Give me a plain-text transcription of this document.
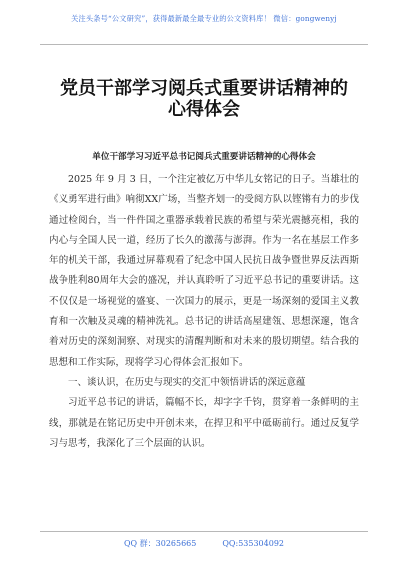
关注头条号“公文研究”，获得最新最全最专业的公文资料库！ 微信：gongwenyj
党员干部学习阅兵式重要讲话精神的
心得体会
单位干部学习习近平总书记阅兵式重要讲话精神的心得体会

2025 年 9 月 3 日，一个注定被亿万中华儿女铭记的日子。当雄壮的《义勇军进行曲》响彻XX广场，当整齐划一的受阅方队以铿锵有力的步伐通过检阅台，当一件件国之重器承载着民族的希望与荣光震撼亮相，我的内心与全国人民一道，经历了长久的激荡与澎湃。作为一名在基层工作多年的机关干部，我通过屏幕观看了纪念中国人民抗日战争暨世界反法西斯战争胜利80周年大会的盛况，并认真聆听了习近平总书记的重要讲话。这不仅仅是一场视觉的盛宴、一次国力的展示，更是一场深刻的爱国主义教育和一次触及灵魂的精神洗礼。总书记的讲话高屋建瓴、思想深邃，饱含着对历史的深刻洞察、对现实的清醒判断和对未来的殷切期望。结合我的思想和工作实际，现将学习心得体会汇报如下。

一、谈认识，在历史与现实的交汇中领悟讲话的深远意蕴

习近平总书记的讲话，篇幅不长，却字字千钧，贯穿着一条鲜明的主线，那就是在铭记历史中开创未来，在捍卫和平中砥砺前行。通过反复学习与思考，我深化了三个层面的认识。

QQ 群：30265665	QQ:535304092
